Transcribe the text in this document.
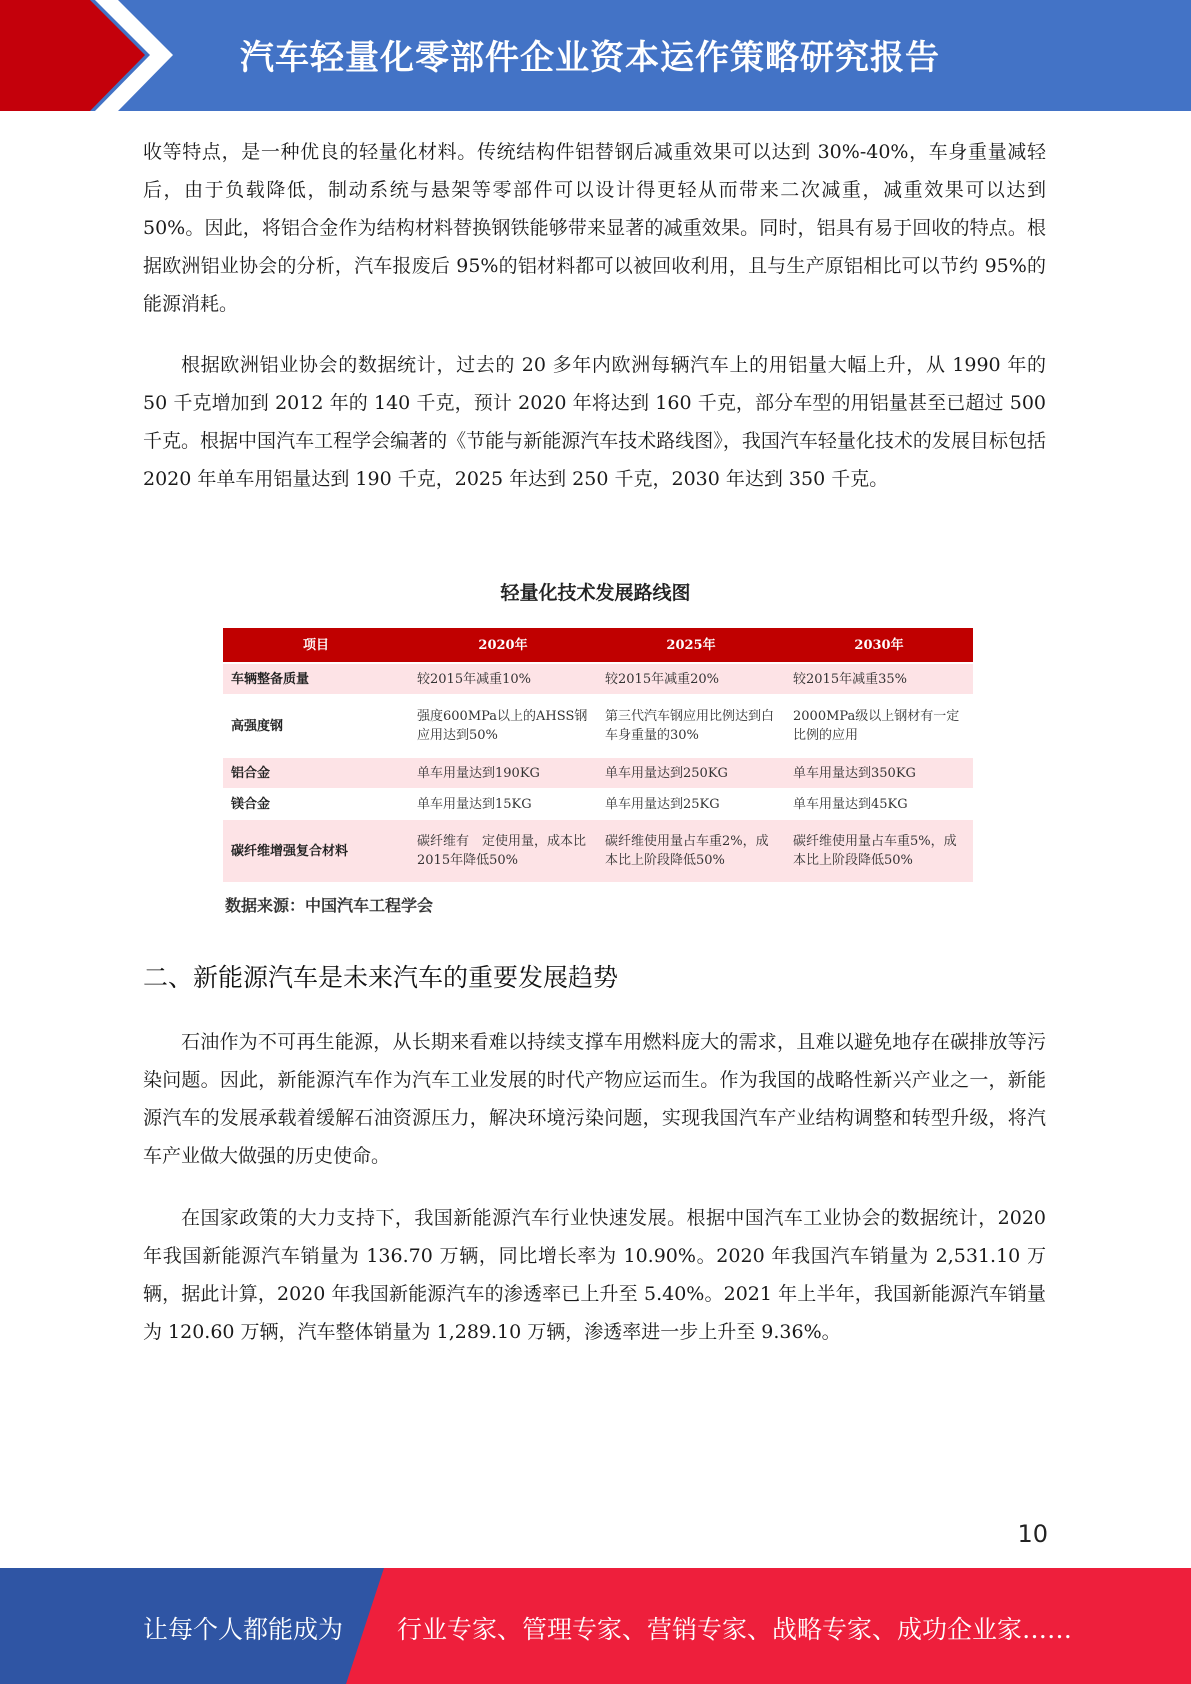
汽车轻量化零部件企业资本运作策略研究报告

收等特点，是一种优良的轻量化材料。传统结构件铝替钢后减重效果可以达到 30%-40%，车身重量减轻后，由于负载降低，制动系统与悬架等零部件可以设计得更轻从而带来二次减重，减重效果可以达到 50%。因此，将铝合金作为结构材料替换钢铁能够带来显著的减重效果。同时，铝具有易于回收的特点。根据欧洲铝业协会的分析，汽车报废后 95%的铝材料都可以被回收利用，且与生产原铝相比可以节约 95%的能源消耗。

根据欧洲铝业协会的数据统计，过去的 20 多年内欧洲每辆汽车上的用铝量大幅上升，从 1990 年的 50 千克增加到 2012 年的 140 千克，预计 2020 年将达到 160 千克，部分车型的用铝量甚至已超过 500 千克。根据中国汽车工程学会编著的《节能与新能源汽车技术路线图》，我国汽车轻量化技术的发展目标包括 2020 年单车用铝量达到 190 千克，2025 年达到 250 千克，2030 年达到 350 千克。

轻量化技术发展路线图

项目	2020年	2025年	2030年
车辆整备质量	较2015年减重10%	较2015年减重20%	较2015年减重35%
高强度钢	强度600MPa以上的AHSS钢应用达到50%	第三代汽车钢应用比例达到白车身重量的30%	2000MPa级以上钢材有一定比例的应用
铝合金	单车用量达到190KG	单车用量达到250KG	单车用量达到350KG
镁合金	单车用量达到15KG	单车用量达到25KG	单车用量达到45KG
碳纤维增强复合材料	碳纤维有　定使用量，成本比2015年降低50%	碳纤维使用量占车重2%，成本比上阶段降低50%	碳纤维使用量占车重5%，成本比上阶段降低50%

数据来源：中国汽车工程学会

二、新能源汽车是未来汽车的重要发展趋势

石油作为不可再生能源，从长期来看难以持续支撑车用燃料庞大的需求，且难以避免地存在碳排放等污染问题。因此，新能源汽车作为汽车工业发展的时代产物应运而生。作为我国的战略性新兴产业之一，新能源汽车的发展承载着缓解石油资源压力，解决环境污染问题，实现我国汽车产业结构调整和转型升级，将汽车产业做大做强的历史使命。

在国家政策的大力支持下，我国新能源汽车行业快速发展。根据中国汽车工业协会的数据统计，2020 年我国新能源汽车销量为 136.70 万辆，同比增长率为 10.90%。2020 年我国汽车销量为 2,531.10 万辆，据此计算，2020 年我国新能源汽车的渗透率已上升至 5.40%。2021 年上半年，我国新能源汽车销量为 120.60 万辆，汽车整体销量为 1,289.10 万辆，渗透率进一步上升至 9.36%。

10

让每个人都能成为 行业专家、管理专家、营销专家、战略专家、成功企业家……
